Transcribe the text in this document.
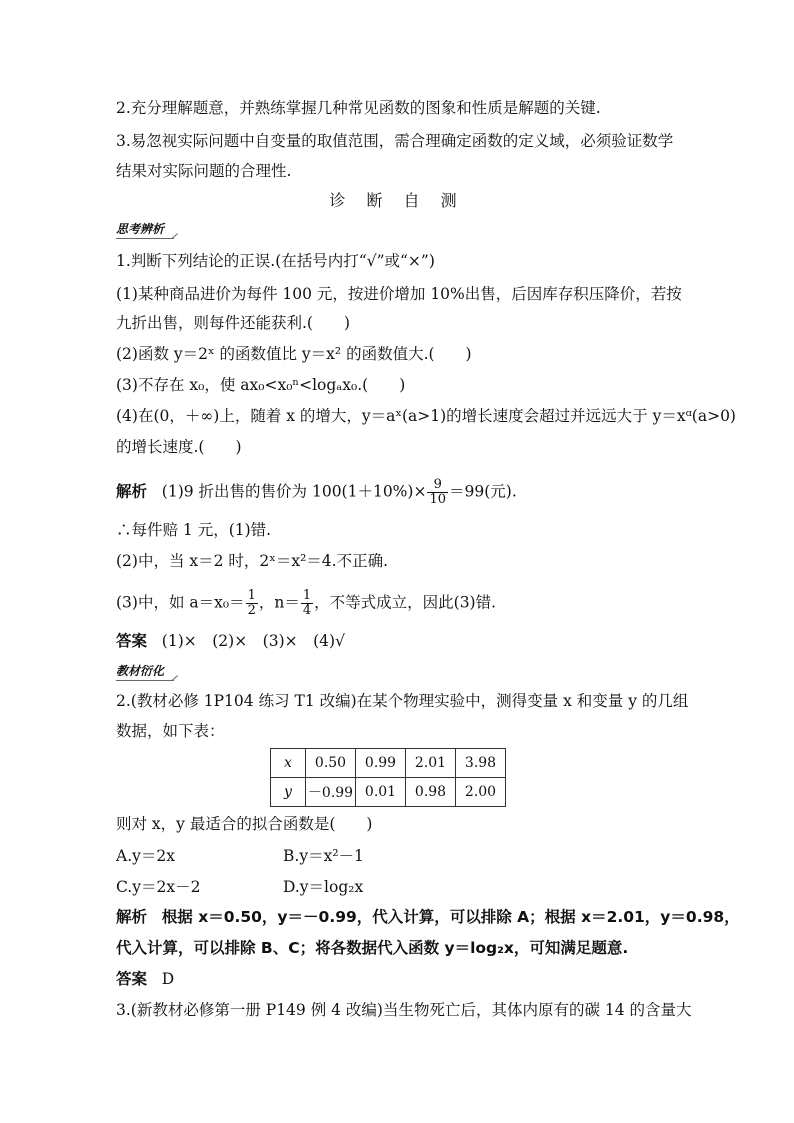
2.充分理解题意，并熟练掌握几种常见函数的图象和性质是解题的关键.
3.易忽视实际问题中自变量的取值范围，需合理确定函数的定义域，必须验证数学
结果对实际问题的合理性.
诊 断 自 测
思考辨析
1.判断下列结论的正误.(在括号内打“√”或“×”)
(1)某种商品进价为每件 100 元，按进价增加 10%出售，后因库存积压降价，若按
九折出售，则每件还能获利.(　　)
(2)函数 y＝2ˣ 的函数值比 y＝x² 的函数值大.(　　)
(3)不存在 x₀，使 ax₀<x₀ⁿ<logₐx₀.(　　)
(4)在(0，＋∞)上，随着 x 的增大，y＝aˣ(a>1)的增长速度会超过并远远大于 y＝xᵅ(a>0)
的增长速度.(　　)
解析 (1)9 折出售的售价为 $100(1+10\%)\times \frac{9}{10} =99$(元).
∴每件赔 1 元，(1)错.
(2)中，当 x＝2 时，2ˣ＝x²＝4.不正确.
(3)中，如 $a=x_0= \frac{1}{2}$ ，$n= \frac{1}{4}$ ，不等式成立，因此(3)错.
答案 (1)×　(2)×　(3)×　(4)√
教材衍化
2.(教材必修 1P104 练习 T1 改编)在某个物理实验中，测得变量 x 和变量 y 的几组
数据，如下表：
x	0.50	0.99	2.01	3.98
y	－0.99	0.01	0.98	2.00
则对 x，y 最适合的拟合函数是(　　)
A.y＝2x	B.y＝x²－1
C.y＝2x－2	D.y＝log₂x
解析 根据 x＝0.50，y＝－0.99，代入计算，可以排除 A；根据 x＝2.01，y＝0.98，
代入计算，可以排除 B、C；将各数据代入函数 y＝log₂x，可知满足题意.
答案 D
3.(新教材必修第一册 P149 例 4 改编)当生物死亡后，其体内原有的碳 14 的含量大
